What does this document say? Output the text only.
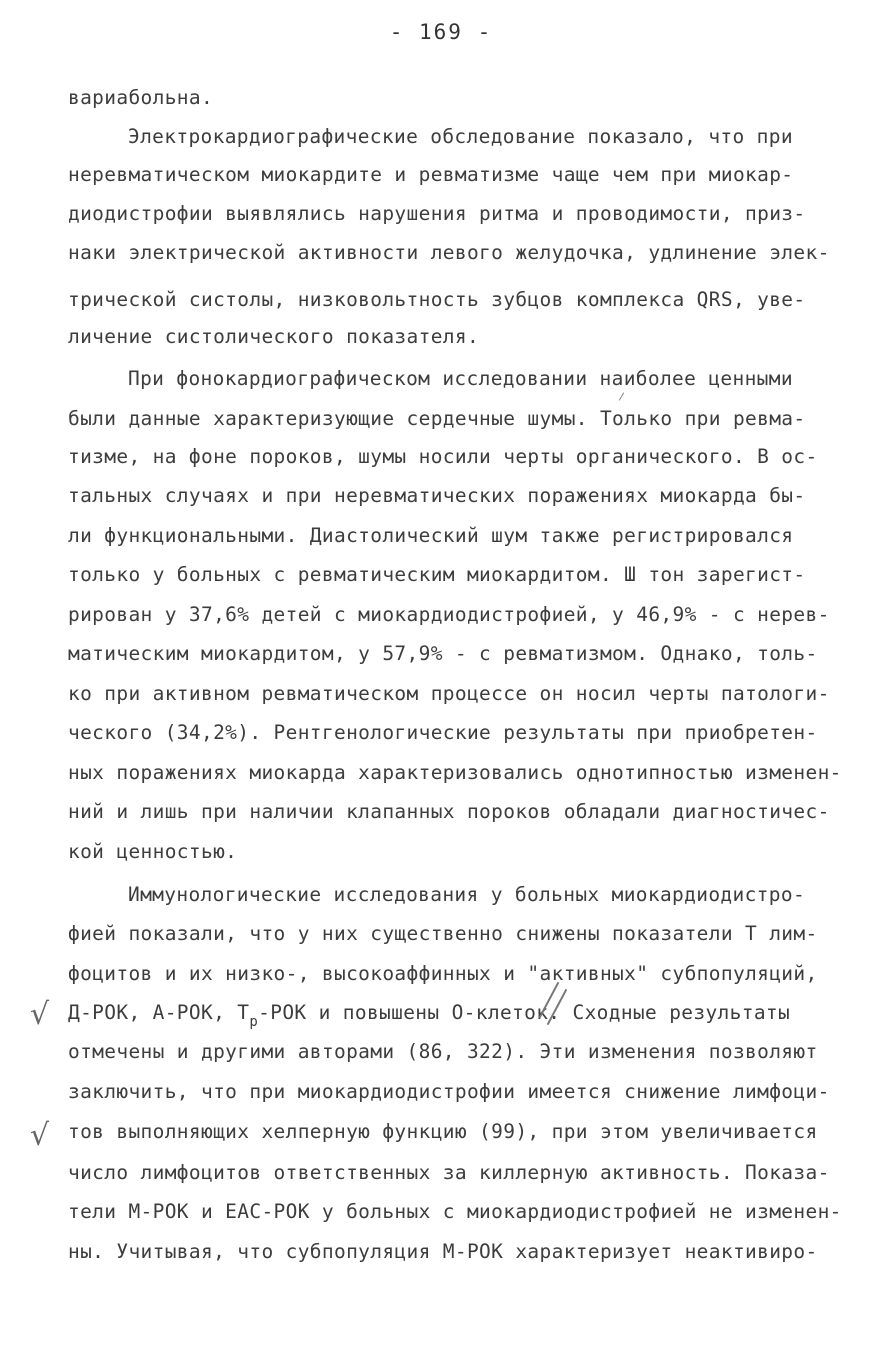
- 169 -
вариабольна.
Электрокардиографические обследование показало, что при
неревматическом миокардите и ревматизме чаще чем при миокар-
диодистрофии выявлялись нарушения ритма и проводимости, приз-
наки электрической активности левого желудочка, удлинение элек-
трической систолы, низковольтность зубцов комплекса QRS, уве-
личение систолического показателя.
При фонокардиографическом исследовании наиболее ценными
были данные характеризующие сердечные шумы. Только при ревма-
тизме, на фоне пороков, шумы носили черты органического. В ос-
тальных случаях и при неревматических поражениях миокарда бы-
ли функциональными. Диастолический шум также регистрировался
только у больных с ревматическим миокардитом. Ш тон зарегист-
рирован у 37,6% детей с миокардиодистрофией, у 46,9% - с нерев-
матическим миокардитом, у 57,9% - с ревматизмом. Однако, толь-
ко при активном ревматическом процессе он носил черты патологи-
ческого (34,2%). Рентгенологические результаты при приобретен-
ных поражениях миокарда характеризовались однотипностью изменен-
ний и лишь при наличии клапанных пороков обладали диагностичес-
кой ценностью.
Иммунологические исследования у больных миокардиодистро-
фией показали, что у них существенно снижены показатели Т лим-
фоцитов и их низко-, высокоаффинных и "активных" субпопуляций,
Д-РОК, А-РОК, $T_р$-РОК и повышены О-клеток. Сходные результаты
отмечены и другими авторами (86, 322). Эти изменения позволяют
заключить, что при миокардиодистрофии имеется снижение лимфоци-
тов выполняющих хелперную функцию (99), при этом увеличивается
число лимфоцитов ответственных за киллерную активность. Показа-
тели М-РОК и ЕАС-РОК у больных с миокардиодистрофией не изменен-
ны. Учитывая, что субпопуляция М-РОК характеризует неактивиро-
√
√
